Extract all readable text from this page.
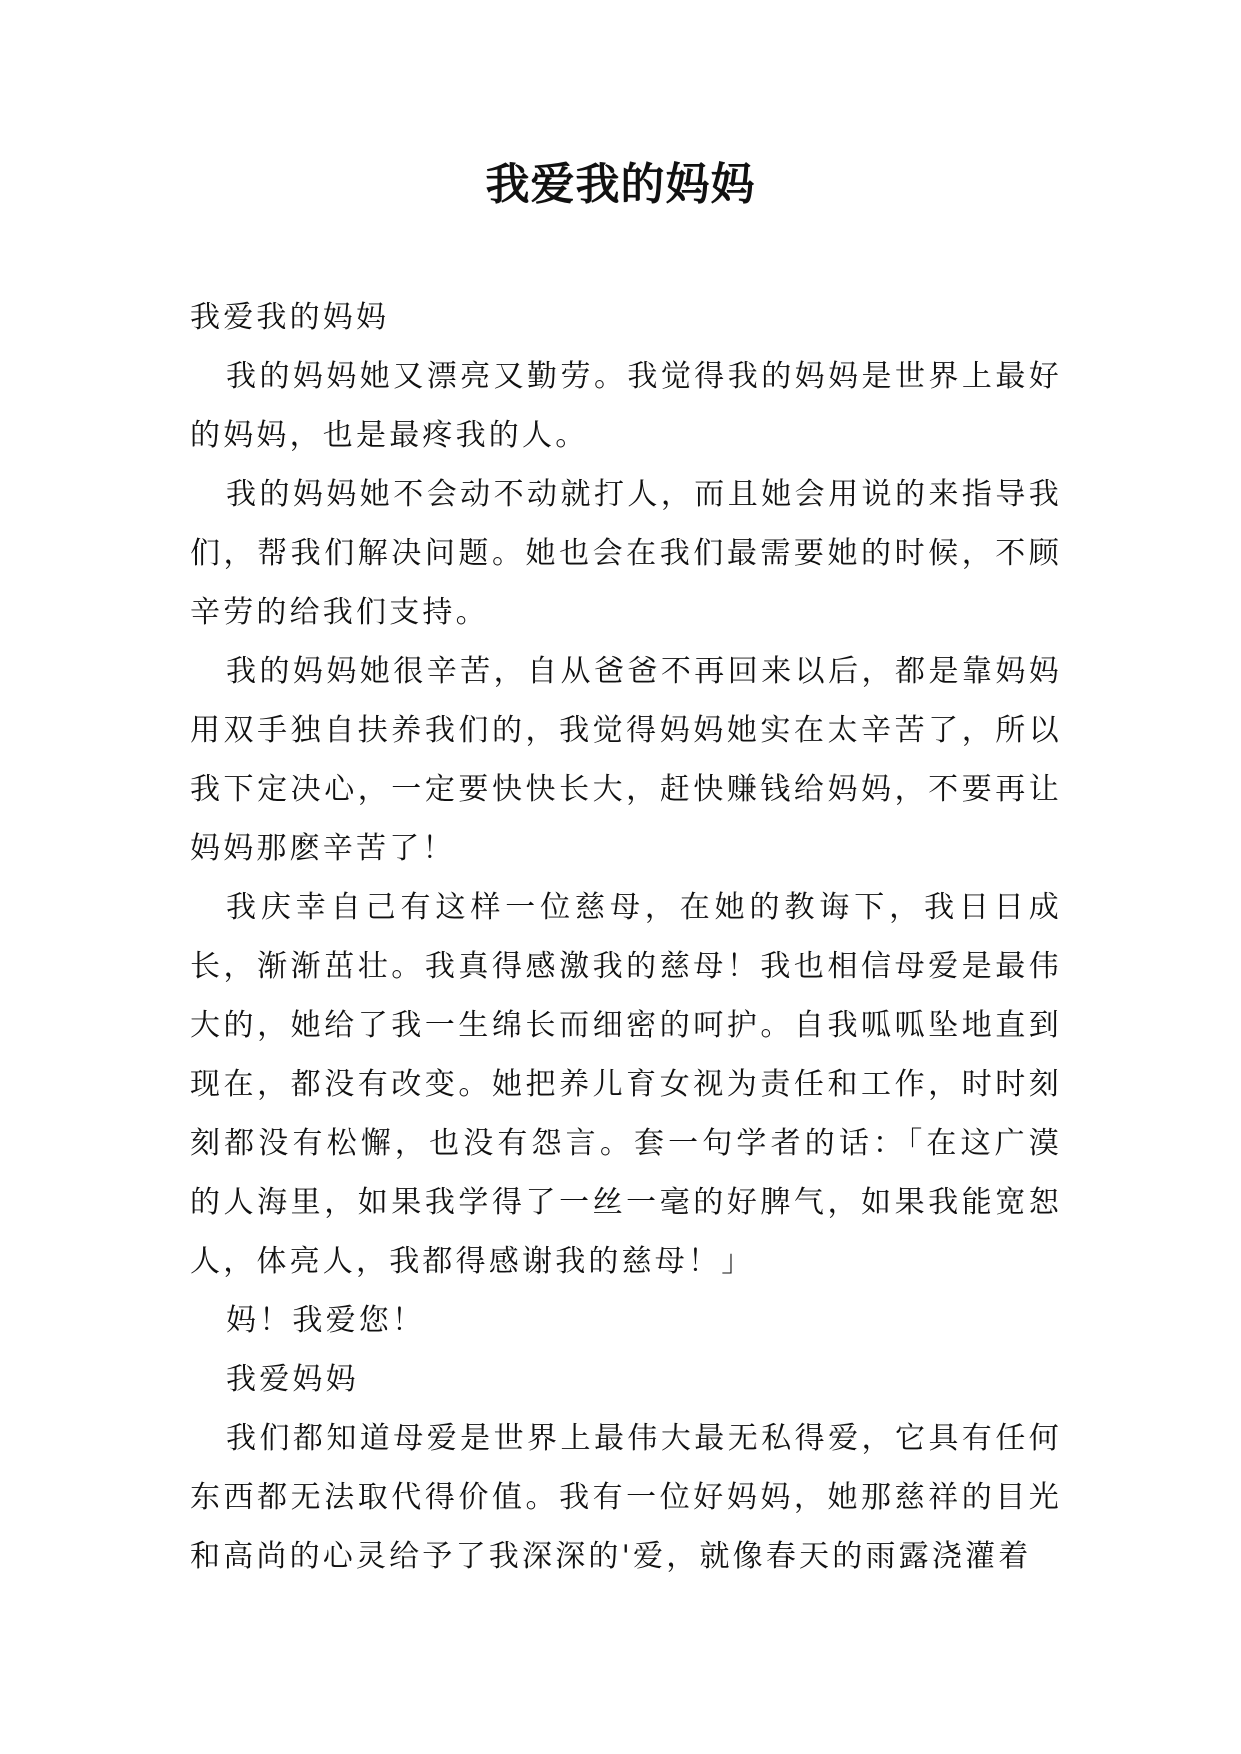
我爱我的妈妈

我爱我的妈妈

我的妈妈她又漂亮又勤劳。我觉得我的妈妈是世界上最好的妈妈，也是最疼我的人。

我的妈妈她不会动不动就打人，而且她会用说的来指导我们，帮我们解决问题。她也会在我们最需要她的时候，不顾辛劳的给我们支持。

我的妈妈她很辛苦，自从爸爸不再回来以后，都是靠妈妈用双手独自扶养我们的，我觉得妈妈她实在太辛苦了，所以我下定决心，一定要快快长大，赶快赚钱给妈妈，不要再让妈妈那麽辛苦了！

我庆幸自己有这样一位慈母，在她的教诲下，我日日成长，渐渐茁壮。我真得感激我的慈母！我也相信母爱是最伟大的，她给了我一生绵长而细密的呵护。自我呱呱坠地直到现在，都没有改变。她把养儿育女视为责任和工作，时时刻刻都没有松懈，也没有怨言。套一句学者的话：「在这广漠的人海里，如果我学得了一丝一毫的好脾气，如果我能宽恕人，体亮人，我都得感谢我的慈母！」

妈！我爱您！

我爱妈妈

我们都知道母爱是世界上最伟大最无私得爱，它具有任何东西都无法取代得价值。我有一位好妈妈，她那慈祥的目光和高尚的心灵给予了我深深的'爱，就像春天的雨露浇灌着
